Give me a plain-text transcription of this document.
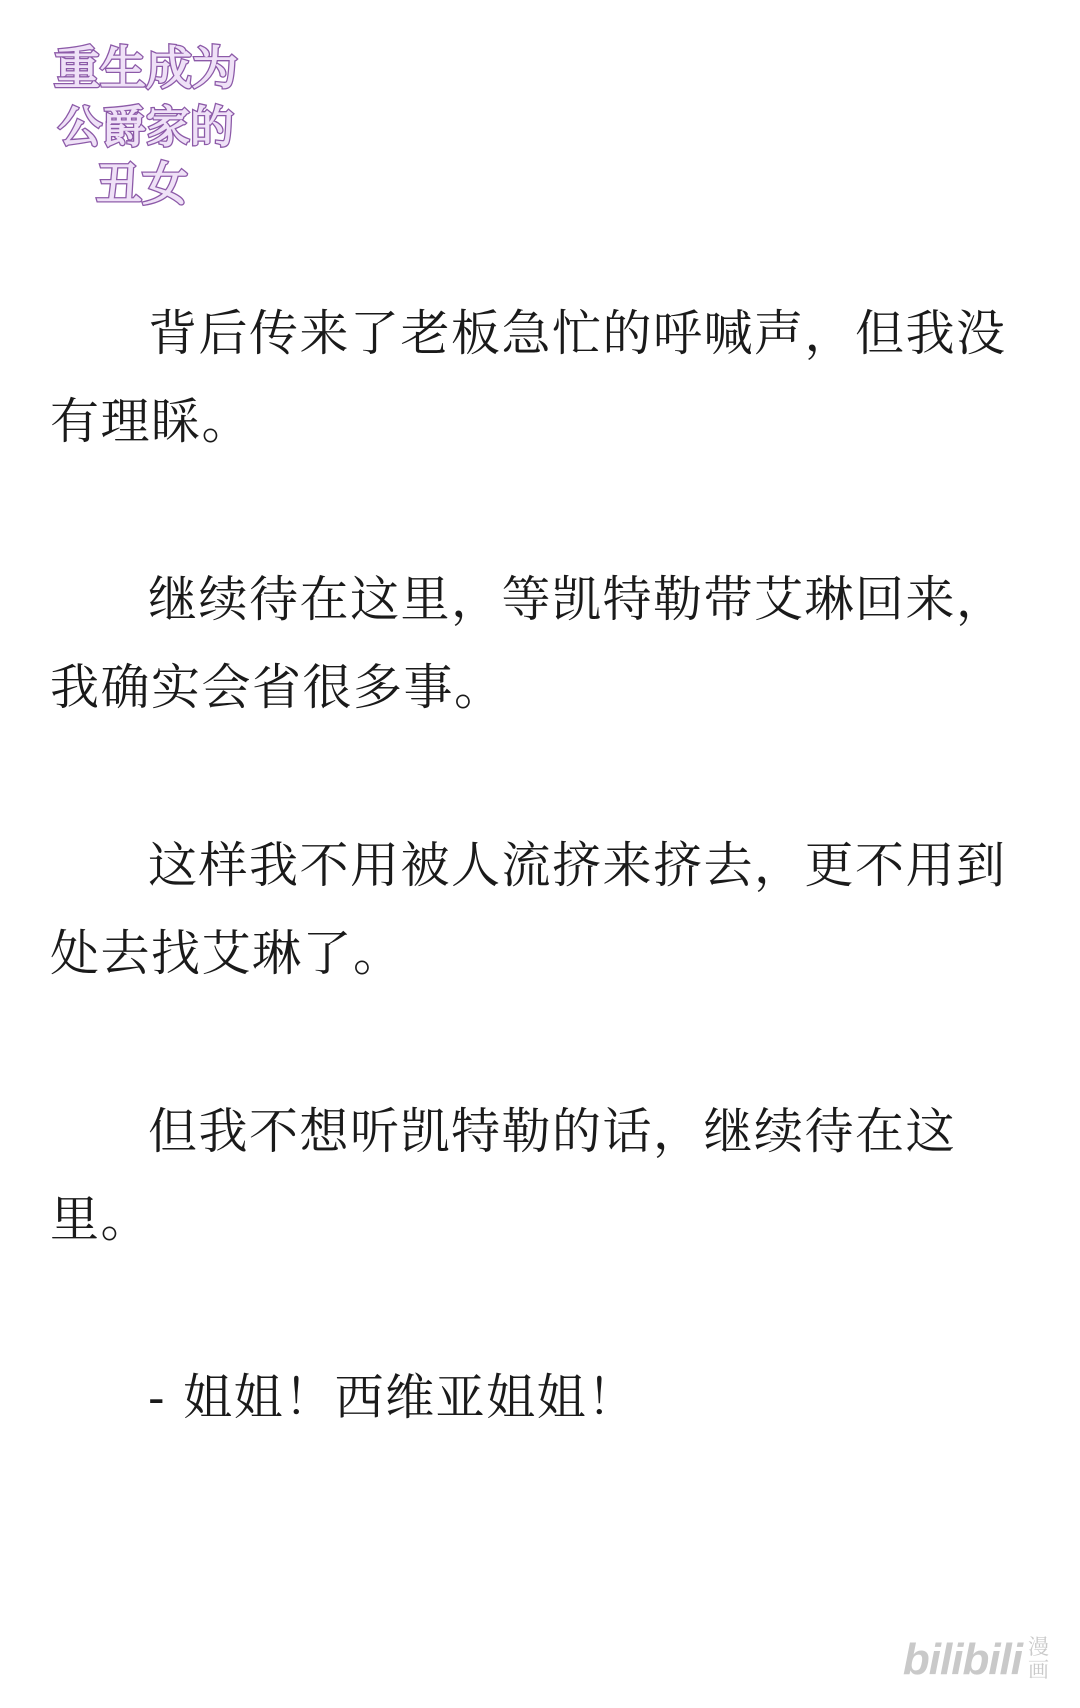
重生成为
公爵家的
丑女

背后传来了老板急忙的呼喊声，但我没有理睬。

继续待在这里，等凯特勒带艾琳回来，我确实会省很多事。

这样我不用被人流挤来挤去，更不用到处去找艾琳了。

但我不想听凯特勒的话，继续待在这里。

- 姐姐！西维亚姐姐！

bilibili 漫画
